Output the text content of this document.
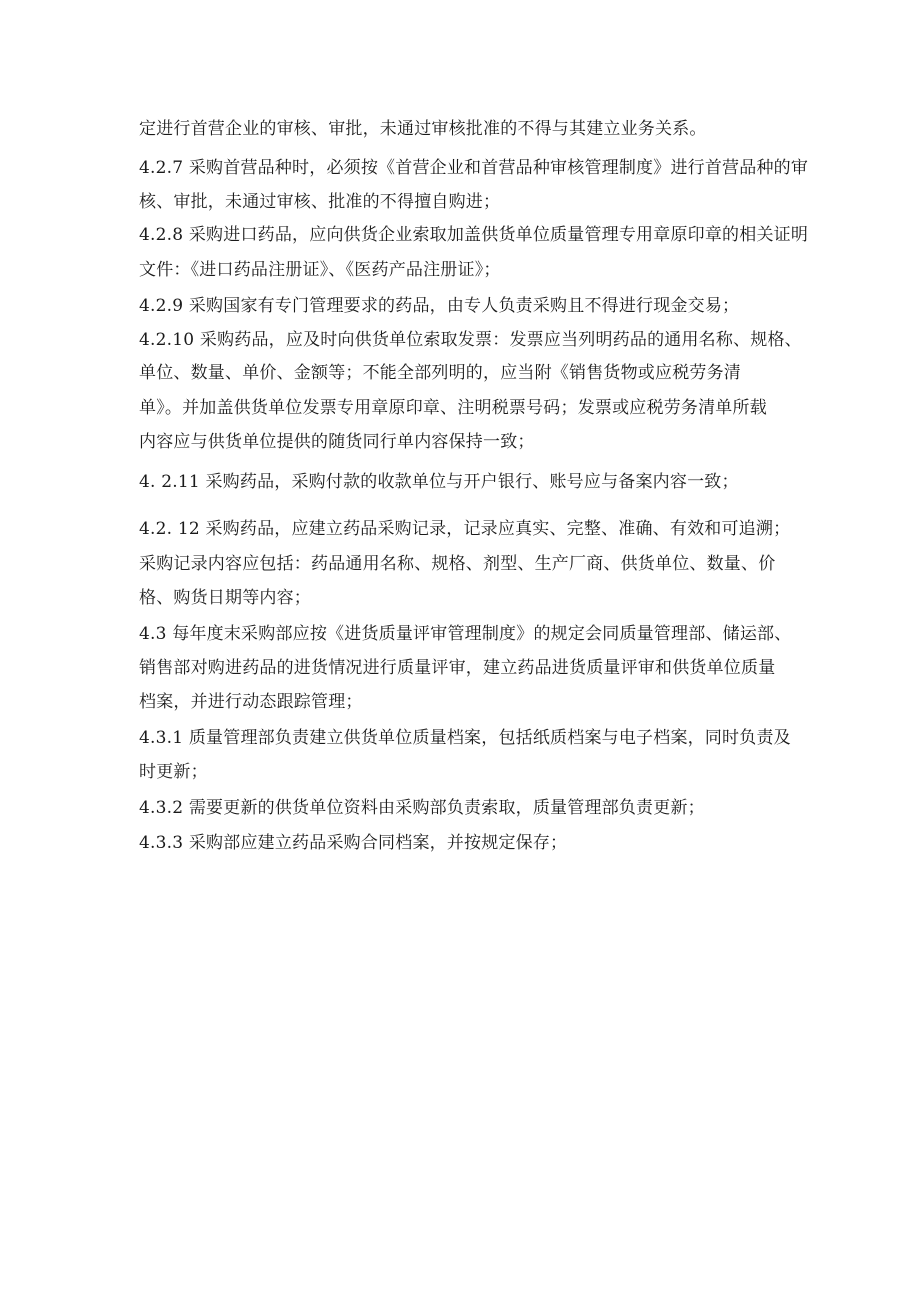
定进行首营企业的审核、审批，未通过审核批准的不得与其建立业务关系。
4.2.7 采购首营品种时，必须按《首营企业和首营品种审核管理制度》进行首营品种的审
核、审批，未通过审核、批准的不得擅自购进；
4.2.8 采购进口药品，应向供货企业索取加盖供货单位质量管理专用章原印章的相关证明
文件：《进口药品注册证》、《医药产品注册证》；
4.2.9 采购国家有专门管理要求的药品，由专人负责采购且不得进行现金交易；
4.2.10 采购药品，应及时向供货单位索取发票：发票应当列明药品的通用名称、规格、
单位、数量、单价、金额等；不能全部列明的，应当附《销售货物或应税劳务清
单》。并加盖供货单位发票专用章原印章、注明税票号码；发票或应税劳务清单所载
内容应与供货单位提供的随货同行单内容保持一致；
4. 2.11 采购药品，采购付款的收款单位与开户银行、账号应与备案内容一致；
4.2. 12 采购药品，应建立药品采购记录，记录应真实、完整、准确、有效和可追溯；
采购记录内容应包括：药品通用名称、规格、剂型、生产厂商、供货单位、数量、价
格、购货日期等内容；
4.3 每年度末采购部应按《进货质量评审管理制度》的规定会同质量管理部、储运部、
销售部对购进药品的进货情况进行质量评审，建立药品进货质量评审和供货单位质量
档案，并进行动态跟踪管理；
4.3.1 质量管理部负责建立供货单位质量档案，包括纸质档案与电子档案，同时负责及
时更新；
4.3.2 需要更新的供货单位资料由采购部负责索取，质量管理部负责更新；
4.3.3 采购部应建立药品采购合同档案，并按规定保存；
